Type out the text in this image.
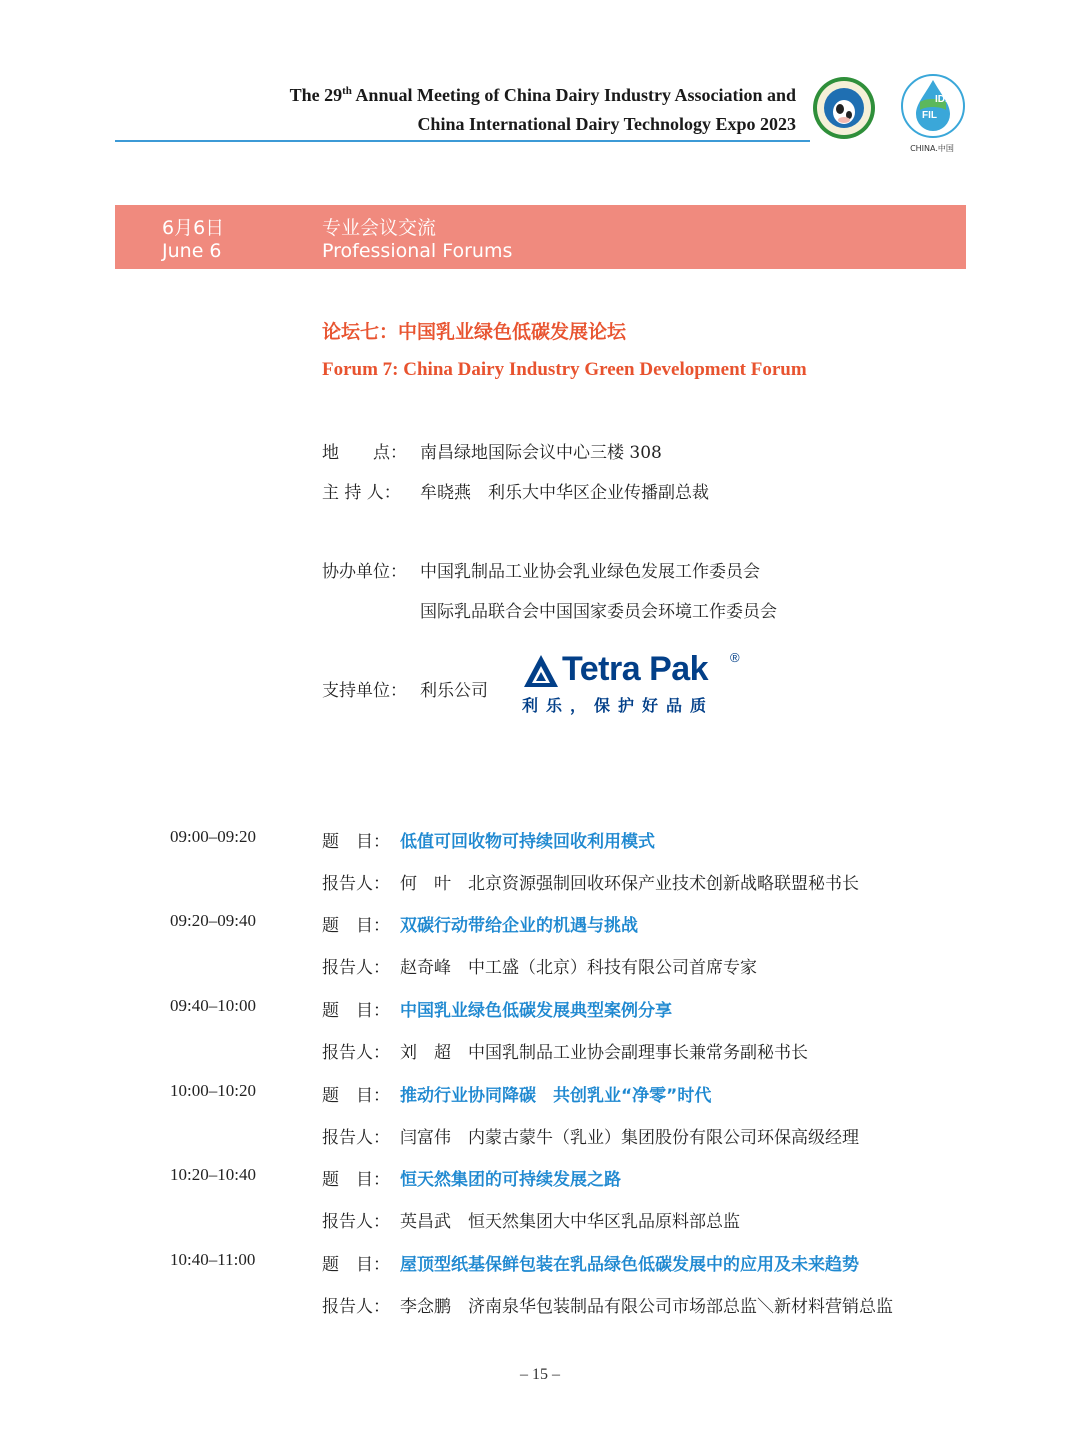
The 29th Annual Meeting of China Dairy Industry Association and
China International Dairy Technology Expo 2023	FIL
IDF
CHINA.中国
6月6日
June 6
专业会议交流
Professional Forums
论坛七：中国乳业绿色低碳发展论坛
Forum 7: China Dairy Industry Green Development Forum
地　　点： 南昌绿地国际会议中心三楼 308
主 持 人： 牟晓燕　利乐大中华区企业传播副总裁
协办单位： 中国乳制品工业协会乳业绿色发展工作委员会
国际乳品联合会中国国家委员会环境工作委员会
支持单位： 利乐公司
Tetra Pak ®
利乐，保护好品质
09:00–09:20	题　目： 低值可回收物可持续回收利用模式
报告人： 何　叶　北京资源强制回收环保产业技术创新战略联盟秘书长
09:20–09:40	题　目： 双碳行动带给企业的机遇与挑战
报告人： 赵奇峰　中工盛（北京）科技有限公司首席专家
09:40–10:00	题　目： 中国乳业绿色低碳发展典型案例分享
报告人： 刘　超　中国乳制品工业协会副理事长兼常务副秘书长
10:00–10:20	题　目： 推动行业协同降碳　共创乳业“净零”时代
报告人： 闫富伟　内蒙古蒙牛（乳业）集团股份有限公司环保高级经理
10:20–10:40	题　目： 恒天然集团的可持续发展之路
报告人： 英昌武　恒天然集团大中华区乳品原料部总监
10:40–11:00	题　目： 屋顶型纸基保鲜包装在乳品绿色低碳发展中的应用及未来趋势
报告人： 李念鹏　济南泉华包装制品有限公司市场部总监＼新材料营销总监
– 15 –
